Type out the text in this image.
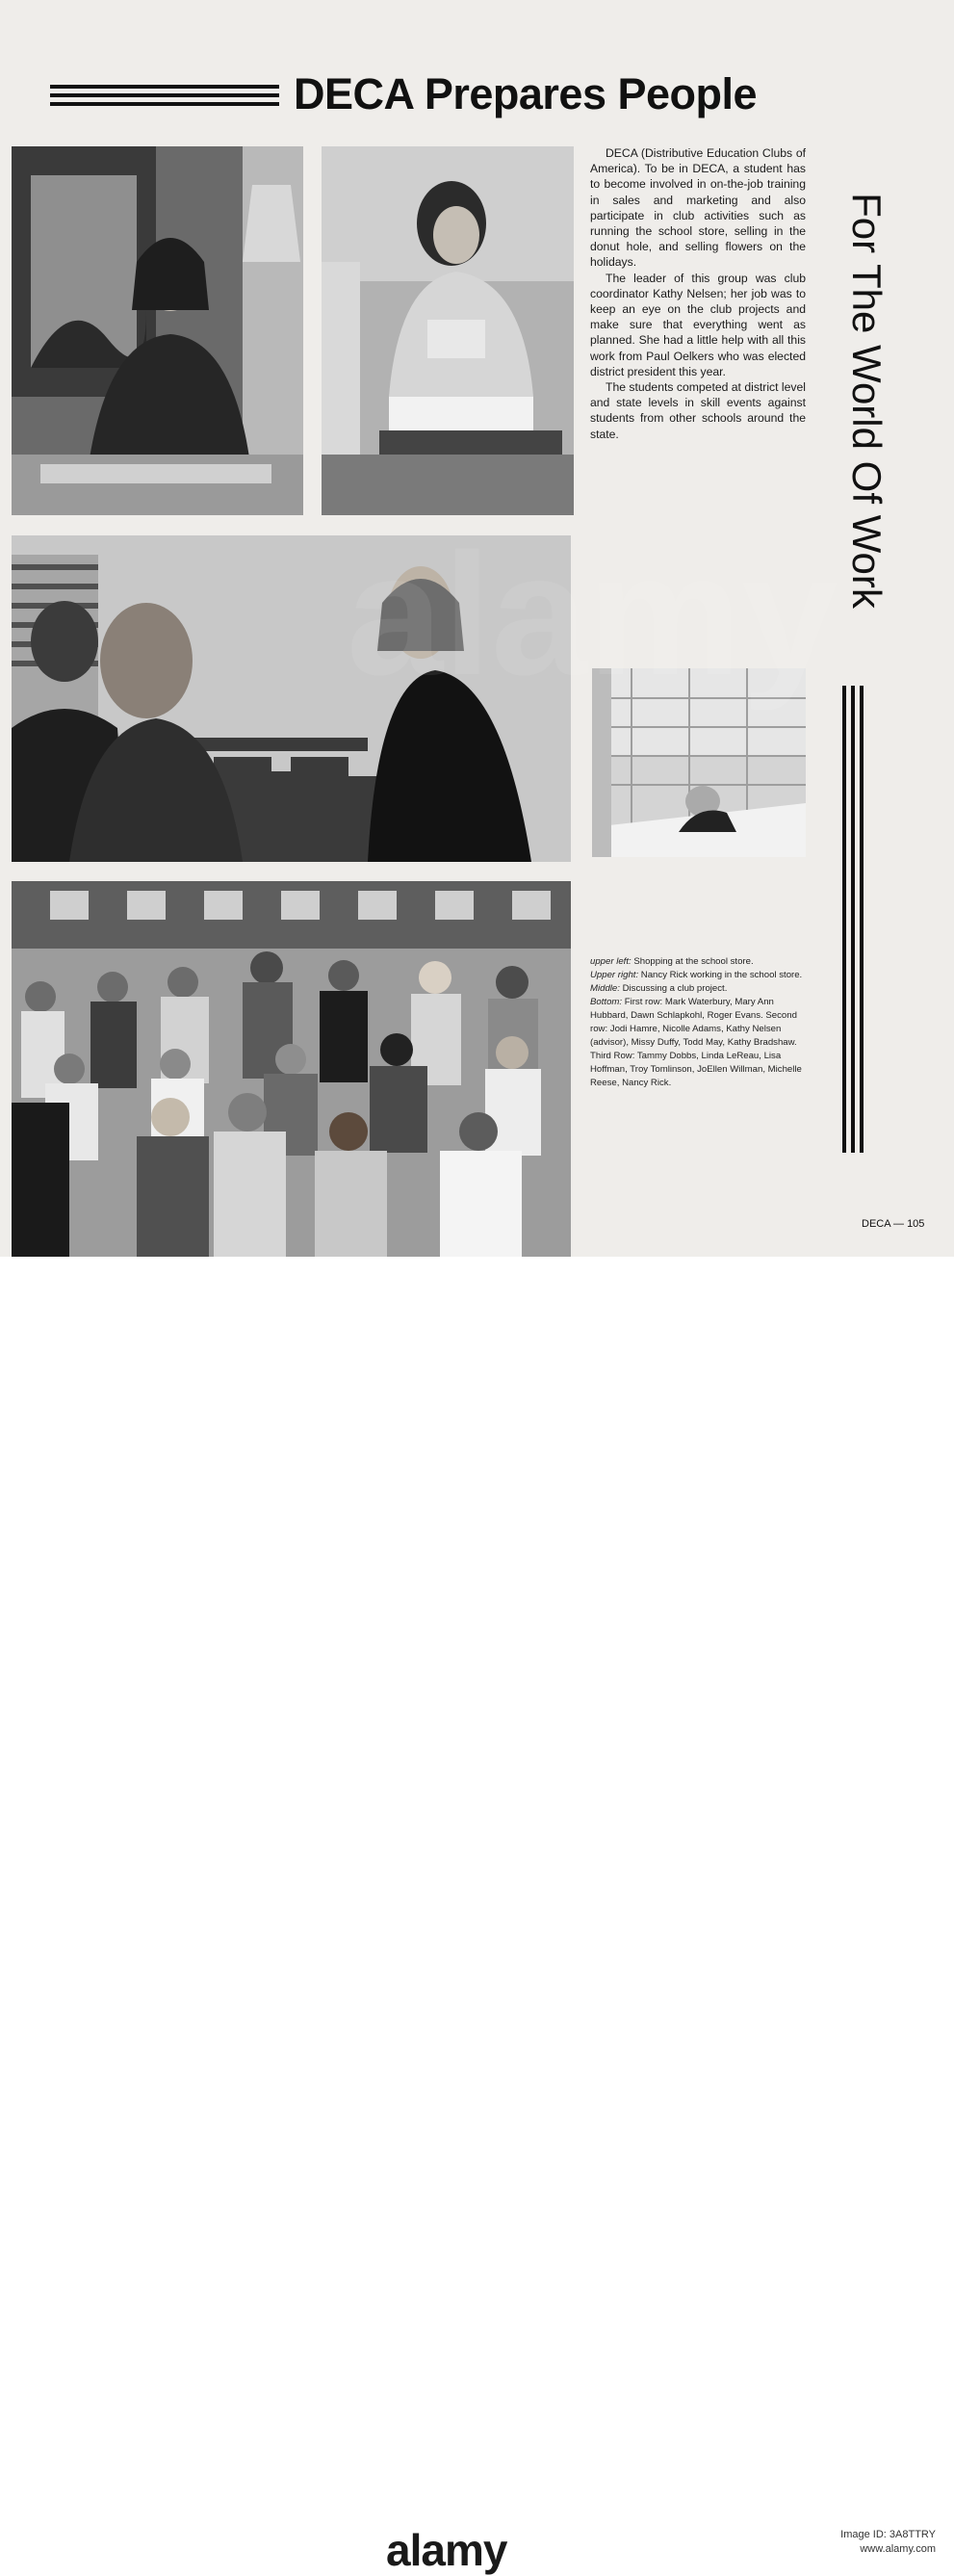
DECA Prepares People
For The World Of Work

DECA (Distributive Education Clubs of America). To be in DECA, a student has to become involved in on-the-job training in sales and marketing and also participate in club activities such as running the school store, selling in the donut hole, and selling flowers on the holidays.

The leader of this group was club coordinator Kathy Nelsen; her job was to keep an eye on the club projects and make sure that everything went as planned. She had a little help with all this work from Paul Oelkers who was elected district president this year.

The students competed at district level and state levels in skill events against students from other schools around the state.

upper left: Shopping at the school store.

Upper right: Nancy Rick working in the school store.

Middle: Discussing a club project.

Bottom: First row: Mark Waterbury, Mary Ann Hubbard, Dawn Schlapkohl, Roger Evans. Second row: Jodi Hamre, Nicolle Adams, Kathy Nelsen (advisor), Missy Duffy, Todd May, Kathy Bradshaw. Third Row: Tammy Dobbs, Linda LeReau, Lisa Hoffman, Troy Tomlinson, JoEllen Willman, Michelle Reese, Nancy Rick.

DECA — 105
alamy
alamy	Image ID: 3A8TTRY
www.alamy.com
